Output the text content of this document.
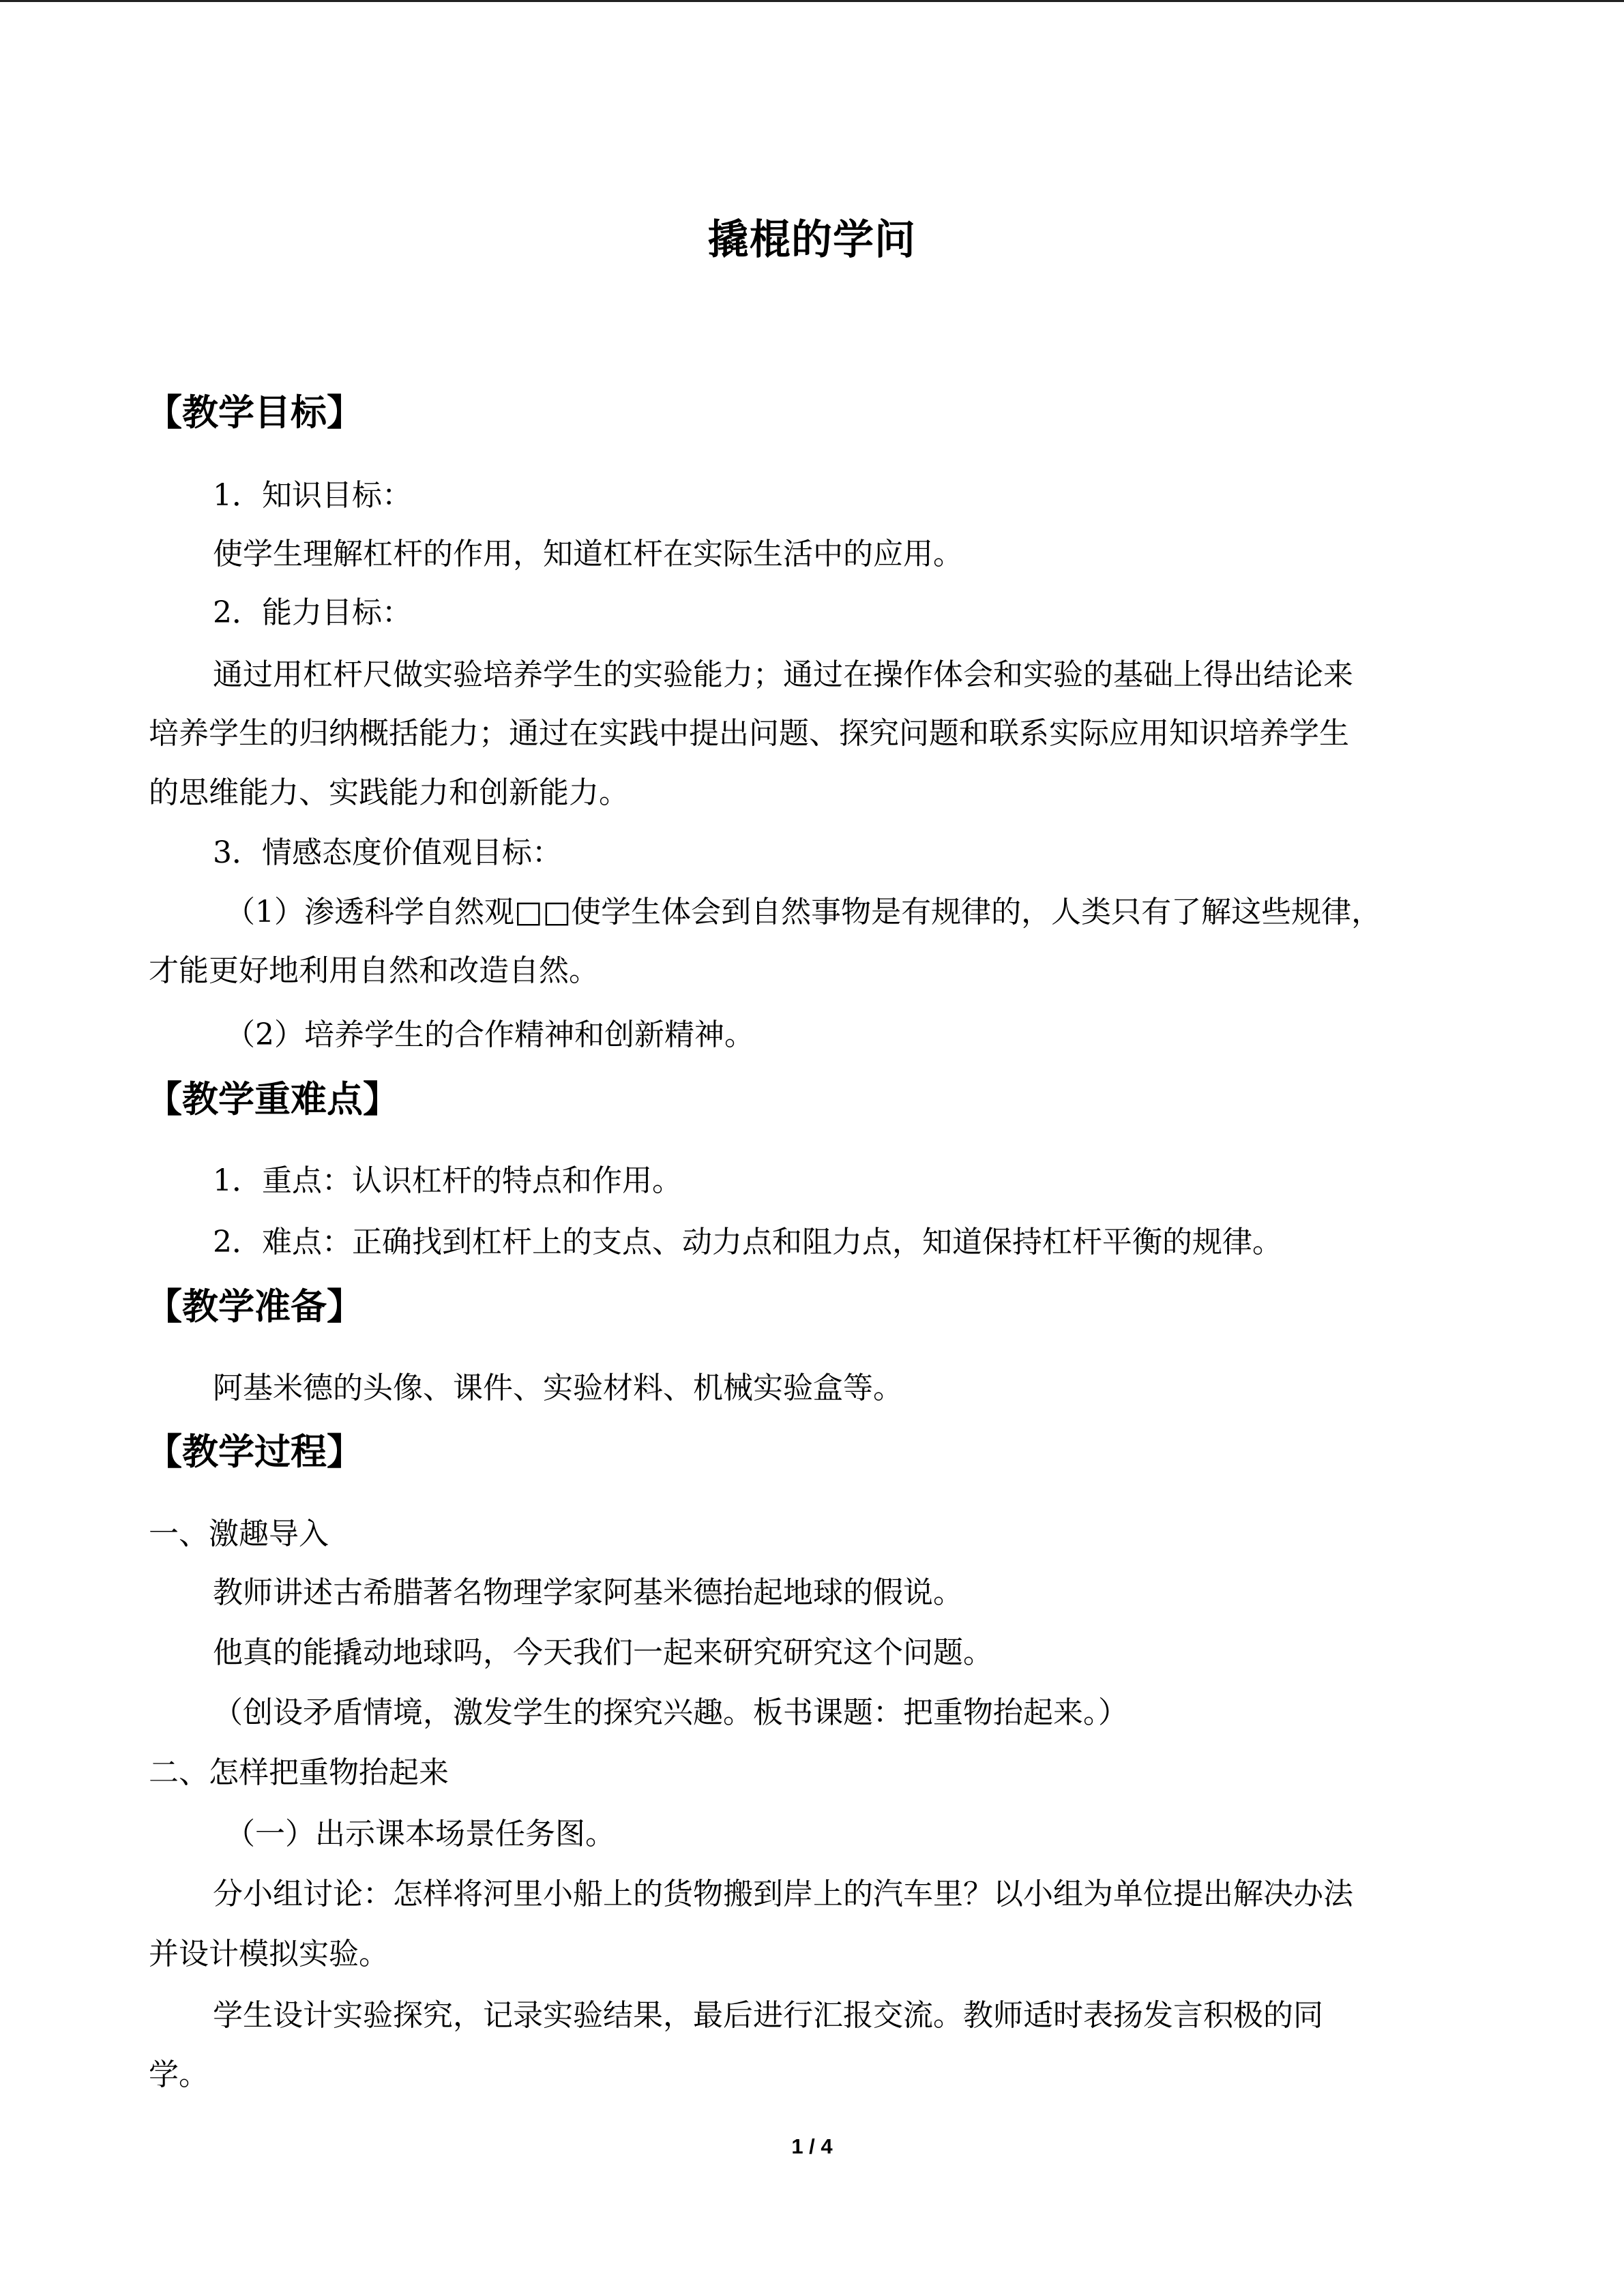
撬棍的学问
【教学目标】
1．知识目标：
使学生理解杠杆的作用，知道杠杆在实际生活中的应用。
2．能力目标：
通过用杠杆尺做实验培养学生的实验能力；通过在操作体会和实验的基础上得出结论来
培养学生的归纳概括能力；通过在实践中提出问题、探究问题和联系实际应用知识培养学生
的思维能力、实践能力和创新能力。
3．情感态度价值观目标：
（1）渗透科学自然观□□使学生体会到自然事物是有规律的，人类只有了解这些规律，
才能更好地利用自然和改造自然。
（2）培养学生的合作精神和创新精神。
【教学重难点】
1．重点：认识杠杆的特点和作用。
2．难点：正确找到杠杆上的支点、动力点和阻力点，知道保持杠杆平衡的规律。
【教学准备】
阿基米德的头像、课件、实验材料、机械实验盒等。
【教学过程】
一、激趣导入
教师讲述古希腊著名物理学家阿基米德抬起地球的假说。
他真的能撬动地球吗，今天我们一起来研究研究这个问题。
（创设矛盾情境，激发学生的探究兴趣。板书课题：把重物抬起来。）
二、怎样把重物抬起来
（一）出示课本场景任务图。
分小组讨论：怎样将河里小船上的货物搬到岸上的汽车里？以小组为单位提出解决办法
并设计模拟实验。
学生设计实验探究，记录实验结果，最后进行汇报交流。教师适时表扬发言积极的同
学。
1 / 4
